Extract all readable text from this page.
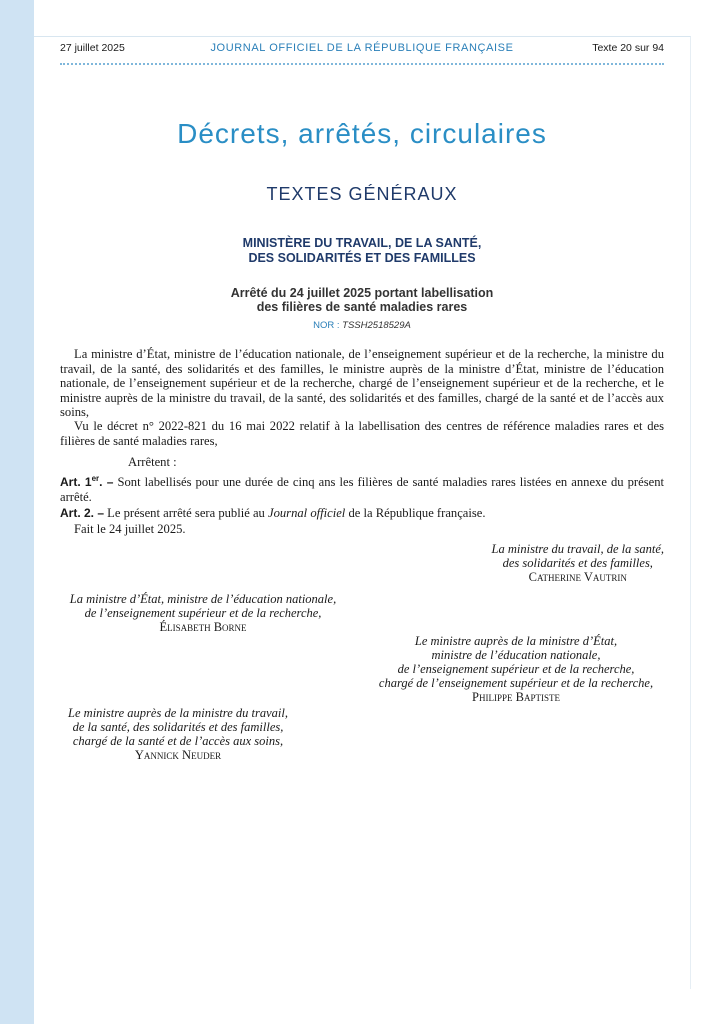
27 juillet 2025	JOURNAL OFFICIEL DE LA RÉPUBLIQUE FRANÇAISE	Texte 20 sur 94
Décrets, arrêtés, circulaires
TEXTES GÉNÉRAUX
MINISTÈRE DU TRAVAIL, DE LA SANTÉ,
DES SOLIDARITÉS ET DES FAMILLES
Arrêté du 24 juillet 2025 portant labellisation
des filières de santé maladies rares
NOR : TSSH2518529A
La ministre d’État, ministre de l’éducation nationale, de l’enseignement supérieur et de la recherche, la ministre du travail, de la santé, des solidarités et des familles, le ministre auprès de la ministre d’État, ministre de l’éducation nationale, de l’enseignement supérieur et de la recherche, chargé de l’enseignement supérieur et de la recherche, et le ministre auprès de la ministre du travail, de la santé, des solidarités et des familles, chargé de la santé et de l’accès aux soins,
Vu le décret n° 2022-821 du 16 mai 2022 relatif à la labellisation des centres de référence maladies rares et des filières de santé maladies rares,
Arrêtent :
Art. 1er. – Sont labellisés pour une durée de cinq ans les filières de santé maladies rares listées en annexe du présent arrêté.
Art. 2. – Le présent arrêté sera publié au Journal officiel de la République française.
Fait le 24 juillet 2025.
La ministre du travail, de la santé,
des solidarités et des familles,
Catherine Vautrin
La ministre d’État, ministre de l’éducation nationale,
de l’enseignement supérieur et de la recherche,
Élisabeth Borne
Le ministre auprès de la ministre d’État,
ministre de l’éducation nationale,
de l’enseignement supérieur et de la recherche,
chargé de l’enseignement supérieur et de la recherche,
Philippe Baptiste
Le ministre auprès de la ministre du travail,
de la santé, des solidarités et des familles,
chargé de la santé et de l’accès aux soins,
Yannick Neuder
